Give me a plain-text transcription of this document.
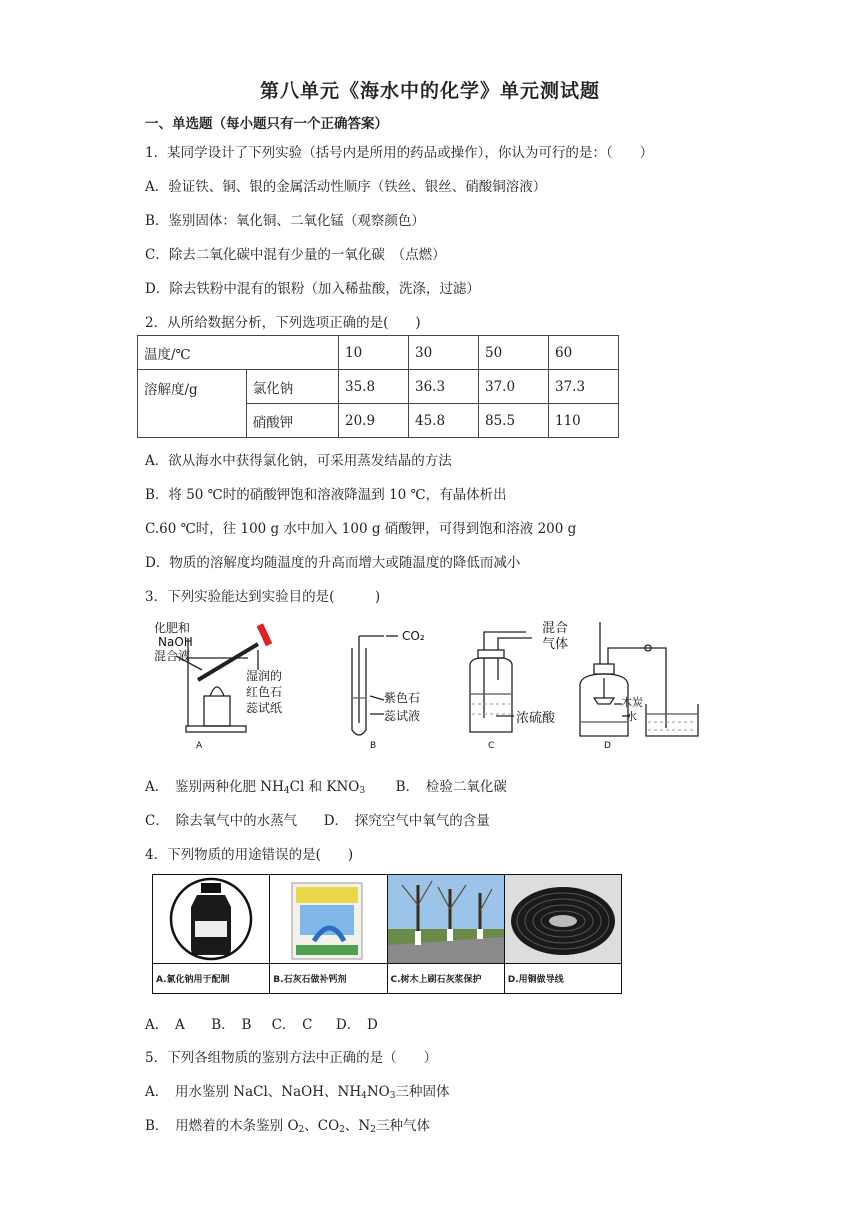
第八单元《海水中的化学》单元测试题
一、单选题（每小题只有一个正确答案）
1．某同学设计了下列实验（括号内是所用的药品或操作），你认为可行的是：（　　）
A．验证铁、铜、银的金属活动性顺序（铁丝、银丝、硝酸铜溶液）
B．鉴别固体：氧化铜、二氧化锰（观察颜色）
C．除去二氧化碳中混有少量的一氧化碳　（点燃）
D．除去铁粉中混有的银粉（加入稀盐酸，洗涤，过滤）
2．从所给数据分析，下列选项正确的是(　　)
温度/℃		10	30	50	60
溶解度/g	氯化钠	35.8	36.3	37.0	37.3
	硝酸钾	20.9	45.8	85.5	110
A．欲从海水中获得氯化钠，可采用蒸发结晶的方法
B．将 50 ℃时的硝酸钾饱和溶液降温到 10 ℃，有晶体析出
C.60 ℃时，往 100 g 水中加入 100 g 硝酸钾，可得到饱和溶液 200 g
D．物质的溶解度均随温度的升高而增大或随温度的降低而减小
3．下列实验能达到实验目的是(　　　)
化肥和
NaOH
混合液
湿润的
红色石
蕊试纸
A
CO₂
紫色石
蕊试液
B
混合
气体
浓硫酸
C
木炭
水
D
A．　鉴别两种化肥 $NH_4Cl$ 和 $KNO_3$ B．　检验二氧化碳
C．　除去氧气中的水蒸气 D．　探究空气中氧气的含量
4．下列物质的用途错误的是(　　)
A.氯化钠用于配制	B.石灰石做补钙剂	C.树木上刷石灰浆保护	D.用铜做导线
A．　A B．　B C．　C D．　D
5．下列各组物质的鉴别方法中正确的是（　　）
A．　用水鉴别 NaCl、NaOH、$NH_4NO_3$三种固体
B．　用燃着的木条鉴别 $O_2$、$CO_2$、$N_2$三种气体
